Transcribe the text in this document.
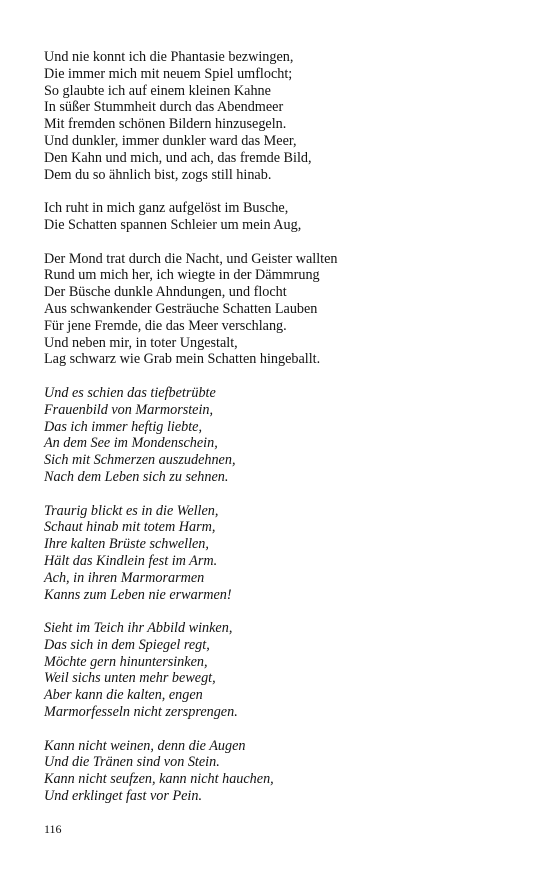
Und nie konnt ich die Phantasie bezwingen,
Die immer mich mit neuem Spiel umflocht;
So glaubte ich auf einem kleinen Kahne
In süßer Stummheit durch das Abendmeer
Mit fremden schönen Bildern hinzusegeln.
Und dunkler, immer dunkler ward das Meer,
Den Kahn und mich, und ach, das fremde Bild,
Dem du so ähnlich bist, zogs still hinab.
Ich ruht in mich ganz aufgelöst im Busche,
Die Schatten spannen Schleier um mein Aug,
Der Mond trat durch die Nacht, und Geister wallten
Rund um mich her, ich wiegte in der Dämmrung
Der Büsche dunkle Ahndungen, und flocht
Aus schwankender Gesträuche Schatten Lauben
Für jene Fremde, die das Meer verschlang.
Und neben mir, in toter Ungestalt,
Lag schwarz wie Grab mein Schatten hingeballt.
Und es schien das tiefbetrübte
Frauenbild von Marmorstein,
Das ich immer heftig liebte,
An dem See im Mondenschein,
Sich mit Schmerzen auszudehnen,
Nach dem Leben sich zu sehnen.
Traurig blickt es in die Wellen,
Schaut hinab mit totem Harm,
Ihre kalten Brüste schwellen,
Hält das Kindlein fest im Arm.
Ach, in ihren Marmorarmen
Kanns zum Leben nie erwarmen!
Sieht im Teich ihr Abbild winken,
Das sich in dem Spiegel regt,
Möchte gern hinuntersinken,
Weil sichs unten mehr bewegt,
Aber kann die kalten, engen
Marmorfesseln nicht zersprengen.
Kann nicht weinen, denn die Augen
Und die Tränen sind von Stein.
Kann nicht seufzen, kann nicht hauchen,
Und erklinget fast vor Pein.
116
